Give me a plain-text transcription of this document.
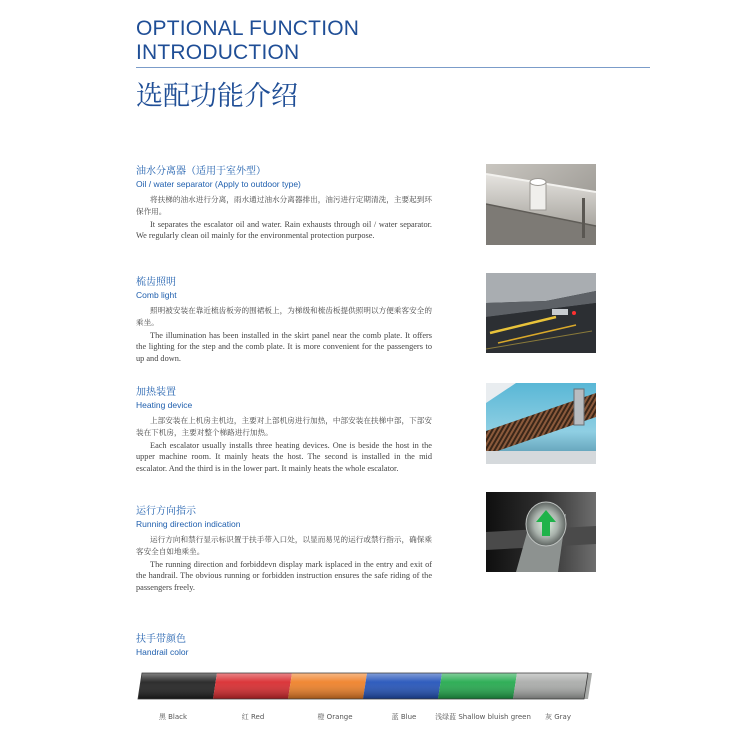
OPTIONAL FUNCTION
INTRODUCTION
选配功能介绍
油水分离器（适用于室外型）
Oil / water separator (Apply to outdoor type)
将扶梯的油水进行分离，雨水通过油水分离器排出，油污进行定期清洗，主要起到环保作用。
It separates the escalator oil and water. Rain exhausts through oil / water separator. We regularly clean oil mainly for the environmental protection purpose.
梳齿照明
Comb light
照明被安装在靠近梳齿板旁的围裙板上，为梯级和梳齿板提供照明以方便乘客安全的乘坐。
The illumination has been installed in the skirt panel near the comb plate. It offers the lighting for the step and the comb plate. It is more convenient for the passengers to up and down.
加热装置
Heating device
上部安装在上机房主机边，主要对上部机房进行加热，中部安装在扶梯中部，下部安装在下机房，主要对整个梯路进行加热。
Each escalator usually installs three heating devices. One is beside the host in the upper machine room. It mainly heats the host. The second is installed in the mid escalator. And the third is in the lower part. It mainly heats the whole escalator.
运行方向指示
Running direction indication
运行方向和禁行显示标识置于扶手带入口处，以显而易见的运行或禁行指示，确保乘客安全自如地乘坐。
The running direction and forbiddevn display mark isplaced in the entry and exit of the handrail. The obvious running or forbidden instruction ensures the safe riding of the passengers freely.
扶手带颜色
Handrail color
黑 Black	红 Red	橙 Orange	蓝 Blue	浅绿蓝 Shallow bluish green 灰 Gray
